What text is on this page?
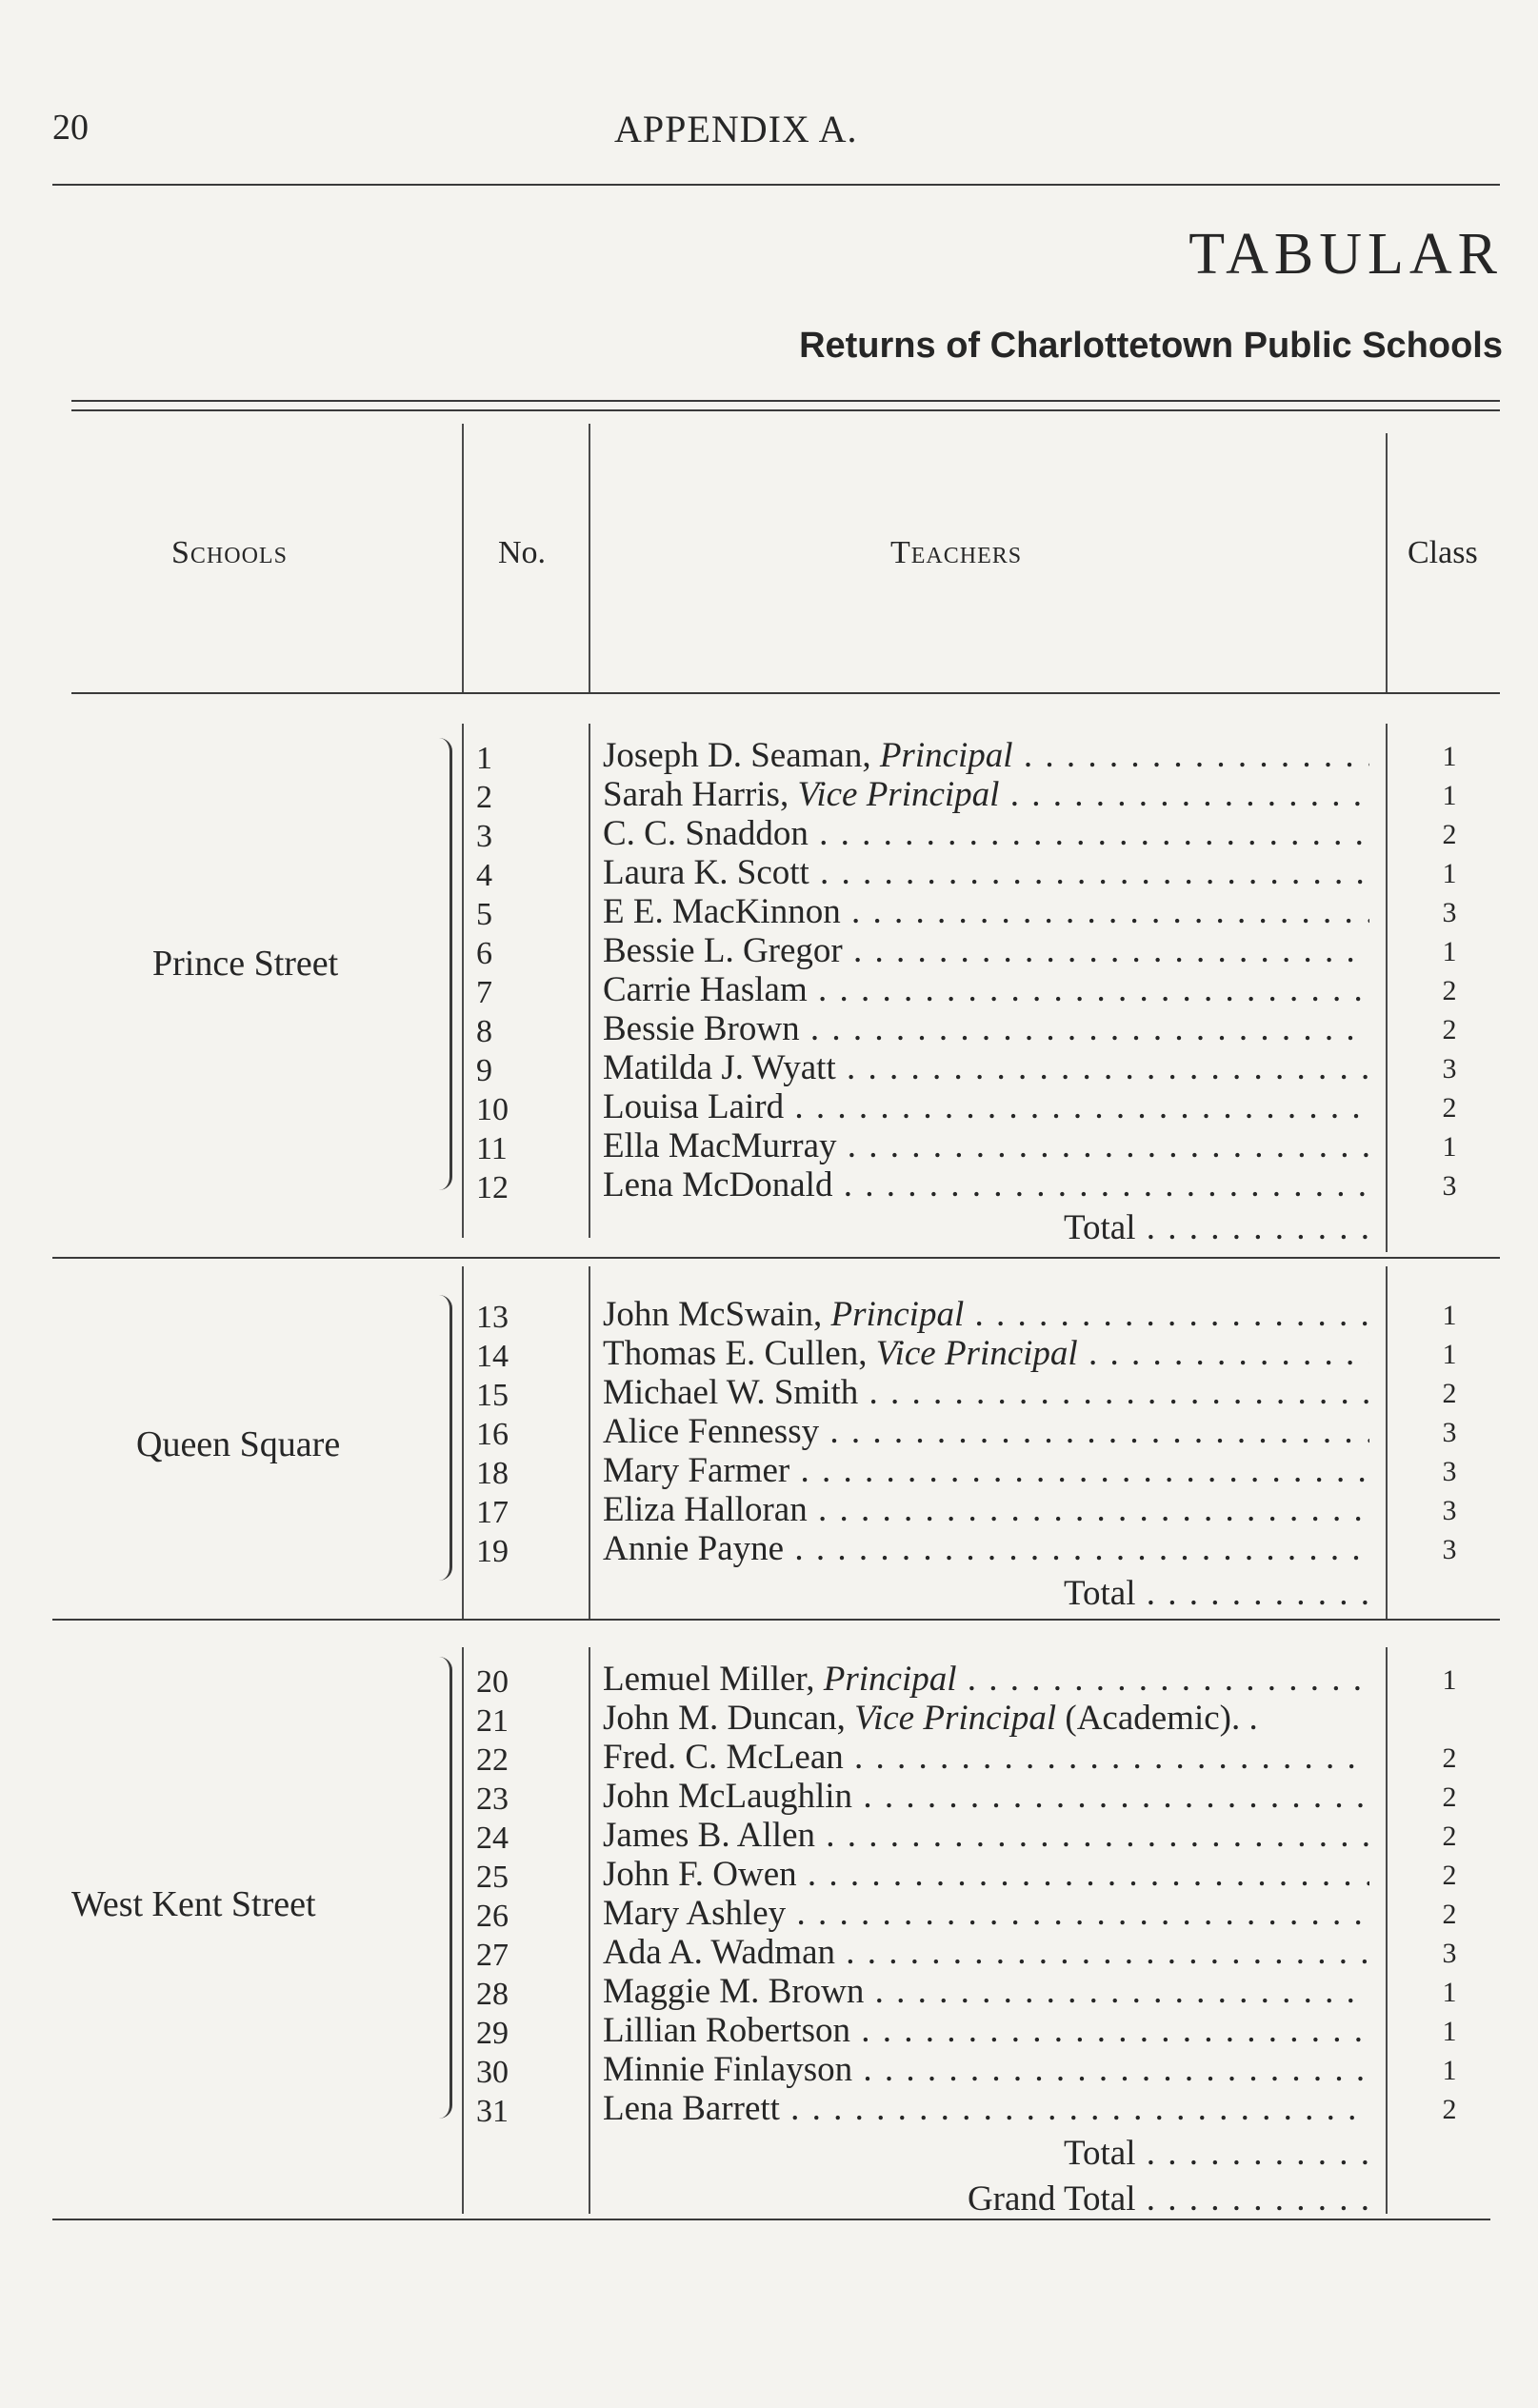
20	APPENDIX A.
TABULAR
Returns of Charlottetown Public Schools
Schools	No.	Teachers	Class
Prince Street
1	Joseph D. Seaman, Principal . . .	1
2	Sarah Harris, Vice Principal . . .	1
3	C. C. Snaddon . . .	2
4	Laura K. Scott . . .	1
5	E E. MacKinnon . . .	3
6	Bessie L. Gregor . . .	1
7	Carrie Haslam . . .	2
8	Bessie Brown . . .	2
9	Matilda J. Wyatt . . .	3
10	Louisa Laird . . .	2
11	Ella MacMurray . . .	1
12	Lena McDonald . . .	3
Total . . .
Queen Square
13	John McSwain, Principal . . .	1
14	Thomas E. Cullen, Vice Principal . . .	1
15	Michael W. Smith . . .	2
16	Alice Fennessy . . .	3
18	Mary Farmer . . .	3
17	Eliza Halloran . . .	3
19	Annie Payne . . .	3
Total . . .
West Kent Street
20	Lemuel Miller, Principal . . .	1
21	John M. Duncan, Vice Principal (Academic). .
22	Fred. C. McLean . . .	2
23	John McLaughlin . . .	2
24	James B. Allen . . .	2
25	John F. Owen . . .	2
26	Mary Ashley . . .	2
27	Ada A. Wadman . . .	3
28	Maggie M. Brown . . .	1
29	Lillian Robertson . . .	1
30	Minnie Finlayson . . .	1
31	Lena Barrett . . .	2
Total . . .
Grand Total . . .
